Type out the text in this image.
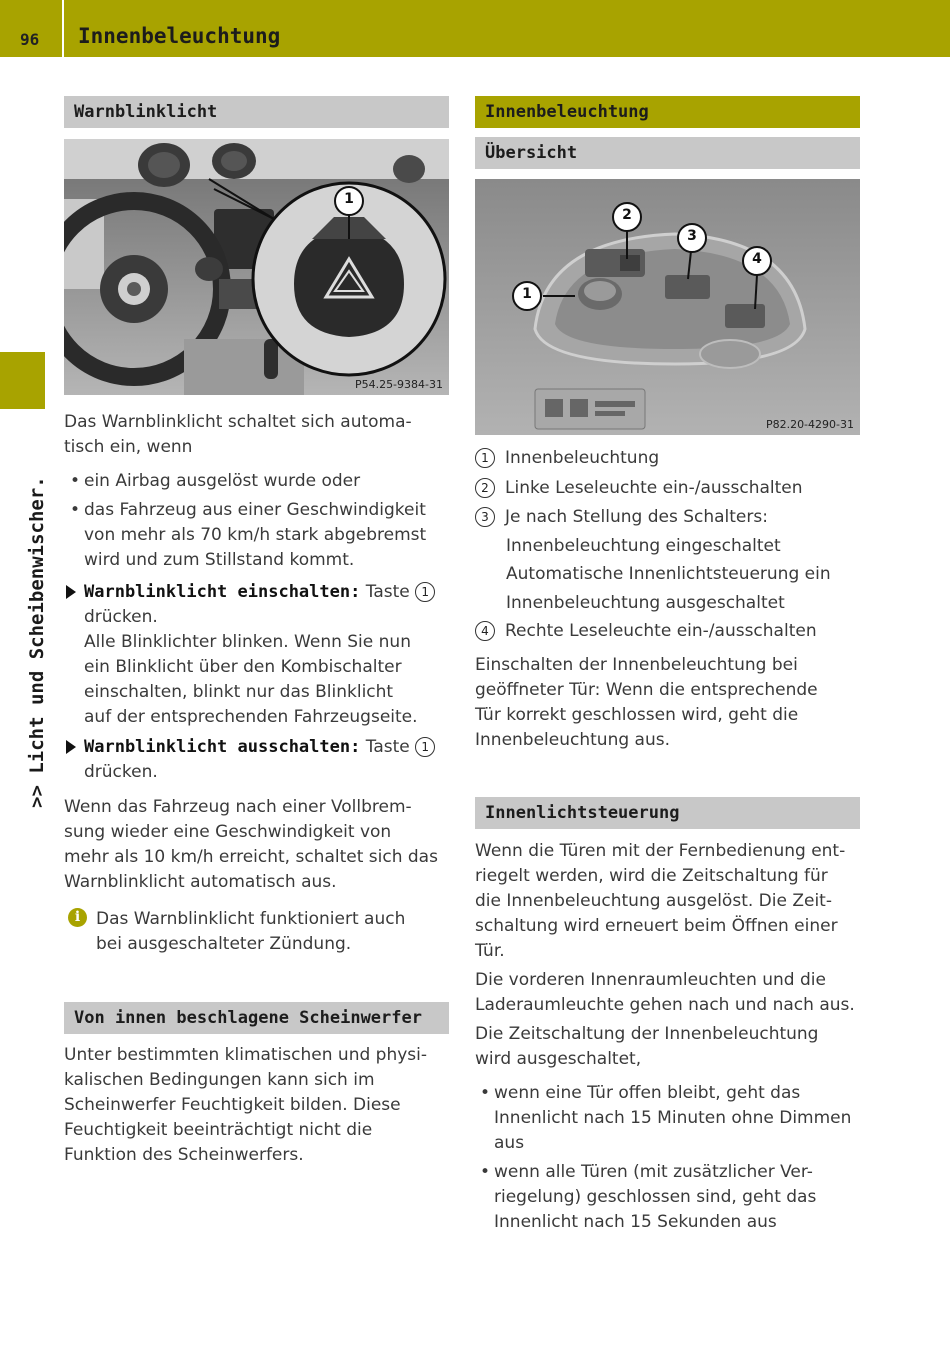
96 Innenbeleuchtung
>> Licht und Scheibenwischer.
Warnblinklicht
1
P54.25-9384-31
Das Warnblinklicht schaltet sich automa-
tisch ein, wenn
• ein Airbag ausgelöst wurde oder
• das Fahrzeug aus einer Geschwindigkeit
von mehr als 70 km/h stark abgebremst
wird und zum Stillstand kommt.
Warnblinklicht einschalten: Taste 1
drücken.
Alle Blinklichter blinken. Wenn Sie nun
ein Blinklicht über den Kombischalter
einschalten, blinkt nur das Blinklicht
auf der entsprechenden Fahrzeugseite.
Warnblinklicht ausschalten: Taste 1
drücken.
Wenn das Fahrzeug nach einer Vollbrem-
sung wieder eine Geschwindigkeit von
mehr als 10 km/h erreicht, schaltet sich das
Warnblinklicht automatisch aus.
i Das Warnblinklicht funktioniert auch
bei ausgeschalteter Zündung.
Von innen beschlagene Scheinwerfer
Unter bestimmten klimatischen und physi-
kalischen Bedingungen kann sich im
Scheinwerfer Feuchtigkeit bilden. Diese
Feuchtigkeit beeinträchtigt nicht die
Funktion des Scheinwerfers.
Innenbeleuchtung
Übersicht
1
2
3
4
P82.20-4290-31
1 Innenbeleuchtung
2 Linke Leseleuchte ein-/ausschalten
3 Je nach Stellung des Schalters:
Innenbeleuchtung eingeschaltet
Automatische Innenlichtsteuerung ein
Innenbeleuchtung ausgeschaltet
4 Rechte Leseleuchte ein-/ausschalten
Einschalten der Innenbeleuchtung bei
geöffneter Tür: Wenn die entsprechende
Tür korrekt geschlossen wird, geht die
Innenbeleuchtung aus.
Innenlichtsteuerung
Wenn die Türen mit der Fernbedienung ent-
riegelt werden, wird die Zeitschaltung für
die Innenbeleuchtung ausgelöst. Die Zeit-
schaltung wird erneuert beim Öffnen einer
Tür.
Die vorderen Innenraumleuchten und die
Laderaumleuchte gehen nach und nach aus.
Die Zeitschaltung der Innenbeleuchtung
wird ausgeschaltet,
• wenn eine Tür offen bleibt, geht das
Innenlicht nach 15 Minuten ohne Dimmen
aus
• wenn alle Türen (mit zusätzlicher Ver-
riegelung) geschlossen sind, geht das
Innenlicht nach 15 Sekunden aus
